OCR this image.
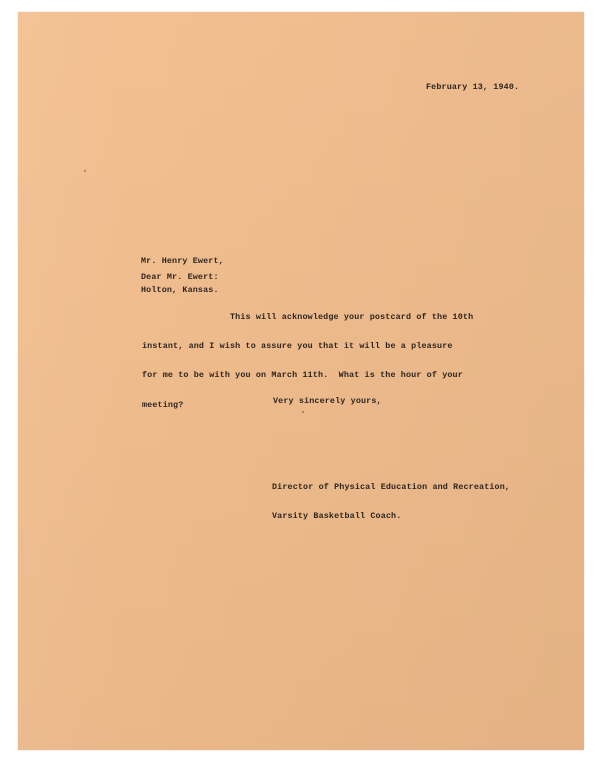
February 13, 1940.

Mr. Henry Ewert,

Holton, Kansas.

Dear Mr. Ewert:

This will acknowledge your postcard of the 10th

instant, and I wish to assure you that it will be a pleasure

for me to be with you on March 11th.  What is the hour of your

meeting?

	Very sincerely yours,

Director of Physical Education and Recreation,

Varsity Basketball Coach.
